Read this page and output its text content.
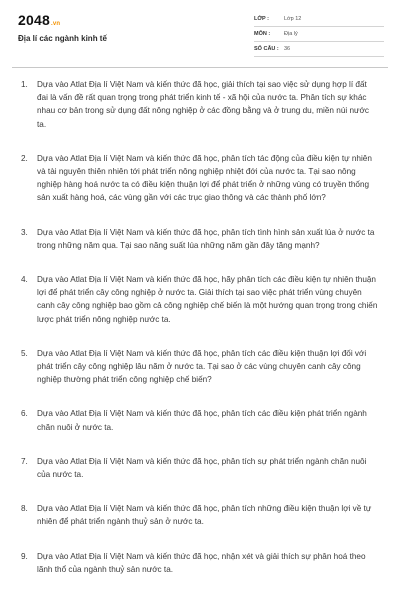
2048.vn
Địa lí các ngành kinh tế
LỚP :	Lớp 12
MÔN :	Địa lý
SỐ CÂU : 36
1. Dựa vào Atlat Địa lí Việt Nam và kiến thức đã học, giải thích tại sao việc sử dụng hợp lí đất đai là vấn đề rất quan trọng trong phát triển kinh tế - xã hội của nước ta. Phân tích sự khác nhau cơ bản trong sử dụng đất nông nghiệp ở các đồng bằng và ở trung du, miền núi nước ta.
2. Dựa vào Atlat Địa lí Việt Nam và kiến thức đã học, phân tích tác động của điều kiện tự nhiên và tài nguyên thiên nhiên tới phát triển nông nghiệp nhiệt đới của nước ta. Tại sao nông nghiệp hàng hoá nước ta có điều kiện thuận lợi để phát triển ở những vùng có truyền thống sản xuất hàng hoá, các vùng gần với các trục giao thông và các thành phố lớn?
3. Dựa vào Atlat Địa lí Việt Nam và kiến thức đã học, phân tích tình hình sản xuất lúa ở nước ta trong những năm qua. Tại sao năng suất lúa những năm gần đây tăng mạnh?
4. Dựa vào Atlat Địa lí Việt Nam và kiến thức đã học, hãy phân tích các điều kiện tự nhiên thuận lợi để phát triển cây công nghiệp ở nước ta. Giải thích tại sao việc phát triển vùng chuyên canh cây công nghiệp bao gồm cả công nghiệp chế biến là một hướng quan trọng trong chiến lược phát triển nông nghiệp nước ta.
5. Dựa vào Atlat Địa lí Việt Nam và kiến thức đã học, phân tích các điều kiện thuận lợi đối với phát triển cây công nghiệp lâu năm ở nước ta. Tại sao ở các vùng chuyên canh cây công nghiệp thường phát triển công nghiệp chế biến?
6. Dựa vào Atlat Địa lí Việt Nam và kiến thức đã học, phân tích các điều kiện phát triển ngành chăn nuôi ở nước ta.
7. Dựa vào Atlat Địa lí Việt Nam và kiến thức đã học, phân tích sự phát triển ngành chăn nuôi của nước ta.
8. Dựa vào Atlat Địa lí Việt Nam và kiến thức đã học, phân tích những điều kiện thuận lợi về tự nhiên để phát triển ngành thuỷ sản ở nước ta.
9. Dựa vào Atlat Địa lí Việt Nam và kiến thức đã học, nhận xét và giải thích sự phân hoá theo lãnh thổ của ngành thuỷ sản nước ta.
